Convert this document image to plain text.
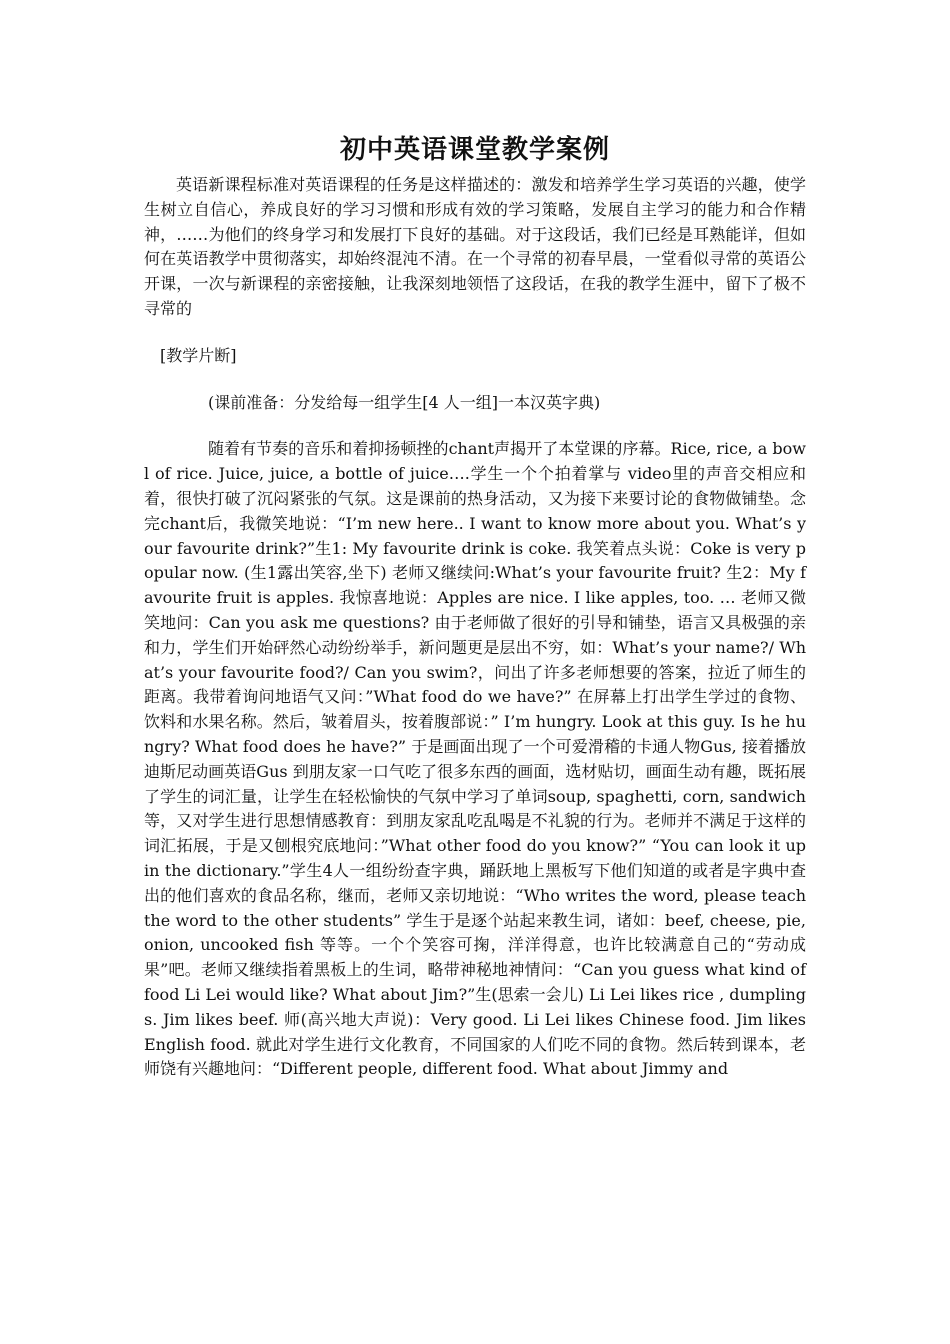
初中英语课堂教学案例

英语新课程标准对英语课程的任务是这样描述的：激发和培养学生学习英语的兴趣，使学生树立自信心，养成良好的学习习惯和形成有效的学习策略，发展自主学习的能力和合作精神，……为他们的终身学习和发展打下良好的基础。对于这段话，我们已经是耳熟能详，但如何在英语教学中贯彻落实，却始终混沌不清。在一个寻常的初春早晨，一堂看似寻常的英语公开课，一次与新课程的亲密接触，让我深刻地领悟了这段话，在我的教学生涯中，留下了极不寻常的

[教学片断]

(课前准备：分发给每一组学生[4 人一组]一本汉英字典)

随着有节奏的音乐和着抑扬顿挫的chant声揭开了本堂课的序幕。Rice, rice, a bowl of rice. Juice, juice, a bottle of juice….学生一个个拍着掌与 video里的声音交相应和着，很快打破了沉闷紧张的气氛。这是课前的热身活动，又为接下来要讨论的食物做铺垫。念完chant后，我微笑地说：“I’m new here.. I want to know more about you. What’s your favourite drink?”生1: My favourite drink is coke. 我笑着点头说：Coke is very popular now. (生1露出笑容,坐下) 老师又继续问:What’s your favourite fruit? 生2：My favourite fruit is apples. 我惊喜地说：Apples are nice. I like apples, too. … 老师又微笑地问：Can you ask me questions? 由于老师做了很好的引导和铺垫，语言又具极强的亲和力，学生们开始砰然心动纷纷举手，新问题更是层出不穷，如：What’s your name?/ What’s your favourite food?/ Can you swim?，问出了许多老师想要的答案，拉近了师生的距离。我带着询问地语气又问：”What food do we have?” 在屏幕上打出学生学过的食物、饮料和水果名称。然后，皱着眉头，按着腹部说：” I’m hungry. Look at this guy. Is he hungry? What food does he have?” 于是画面出现了一个可爱滑稽的卡通人物Gus, 接着播放迪斯尼动画英语Gus 到朋友家一口气吃了很多东西的画面，选材贴切，画面生动有趣，既拓展了学生的词汇量，让学生在轻松愉快的气氛中学习了单词soup, spaghetti, corn, sandwich等，又对学生进行思想情感教育：到朋友家乱吃乱喝是不礼貌的行为。老师并不满足于这样的词汇拓展，于是又刨根究底地问：”What other food do you know?” “You can look it up in the dictionary.”学生4人一组纷纷查字典，踊跃地上黑板写下他们知道的或者是字典中查出的他们喜欢的食品名称，继而，老师又亲切地说：“Who writes the word, please teach the word to the other students” 学生于是逐个站起来教生词，诸如：beef, cheese, pie, onion, uncooked fish 等等。一个个笑容可掬，洋洋得意，也许比较满意自己的“劳动成果”吧。老师又继续指着黑板上的生词，略带神秘地神情问：“Can you guess what kind of food Li Lei would like? What about Jim?”生(思索一会儿) Li Lei likes rice , dumplings. Jim likes beef. 师(高兴地大声说)：Very good. Li Lei likes Chinese food. Jim likes English food. 就此对学生进行文化教育，不同国家的人们吃不同的食物。然后转到课本，老师饶有兴趣地问：“Different people, different food. What about Jimmy and
